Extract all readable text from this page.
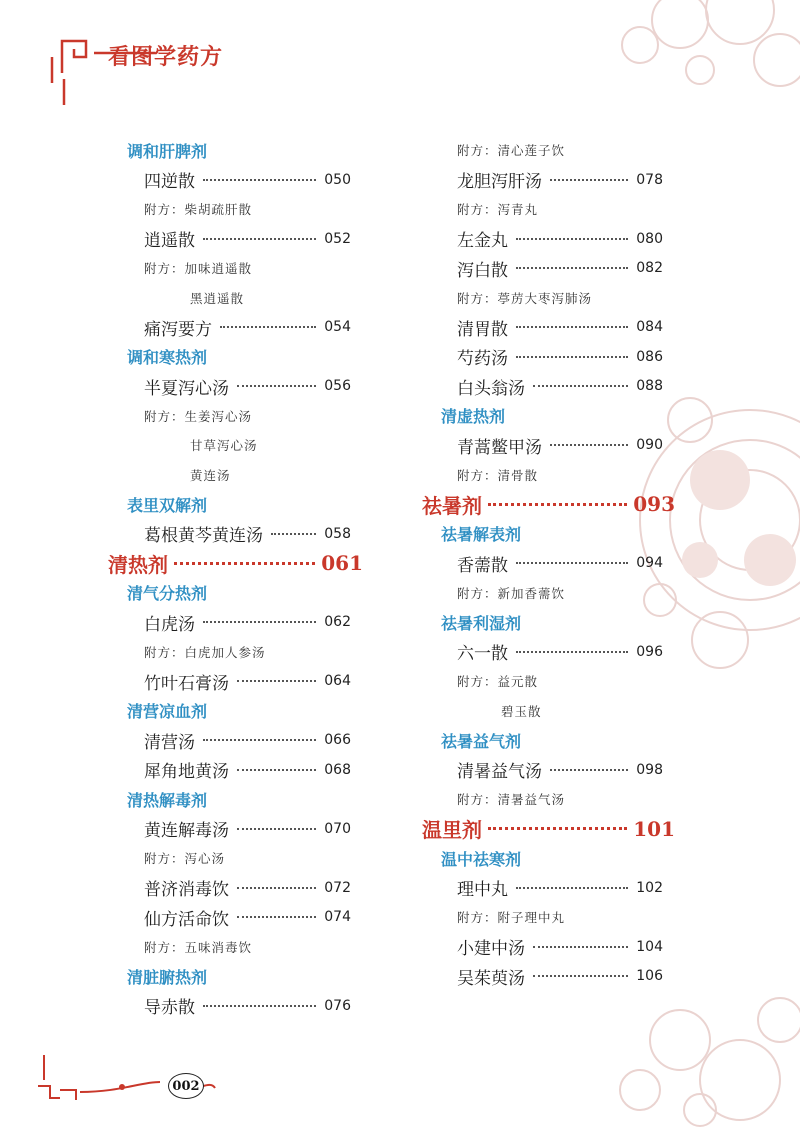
看图学药方
002
调和肝脾剂
四逆散	050
附方：柴胡疏肝散
逍遥散	052
附方：加味逍遥散
黑逍遥散
痛泻要方	054
调和寒热剂
半夏泻心汤	056
附方：生姜泻心汤
甘草泻心汤
黄连汤
表里双解剂
葛根黄芩黄连汤	058
清热剂	061
清气分热剂
白虎汤	062
附方：白虎加人参汤
竹叶石膏汤	064
清营凉血剂
清营汤	066
犀角地黄汤	068
清热解毒剂
黄连解毒汤	070
附方：泻心汤
普济消毒饮	072
仙方活命饮	074
附方：五味消毒饮
清脏腑热剂
导赤散	076
附方：清心莲子饮
龙胆泻肝汤	078
附方：泻青丸
左金丸	080
泻白散	082
附方：葶苈大枣泻肺汤
清胃散	084
芍药汤	086
白头翁汤	088
清虚热剂
青蒿鳖甲汤	090
附方：清骨散
祛暑剂	093
祛暑解表剂
香薷散	094
附方：新加香薷饮
祛暑利湿剂
六一散	096
附方：益元散
碧玉散
祛暑益气剂
清暑益气汤	098
附方：清暑益气汤
温里剂	101
温中祛寒剂
理中丸	102
附方：附子理中丸
小建中汤	104
吴茱萸汤	106
